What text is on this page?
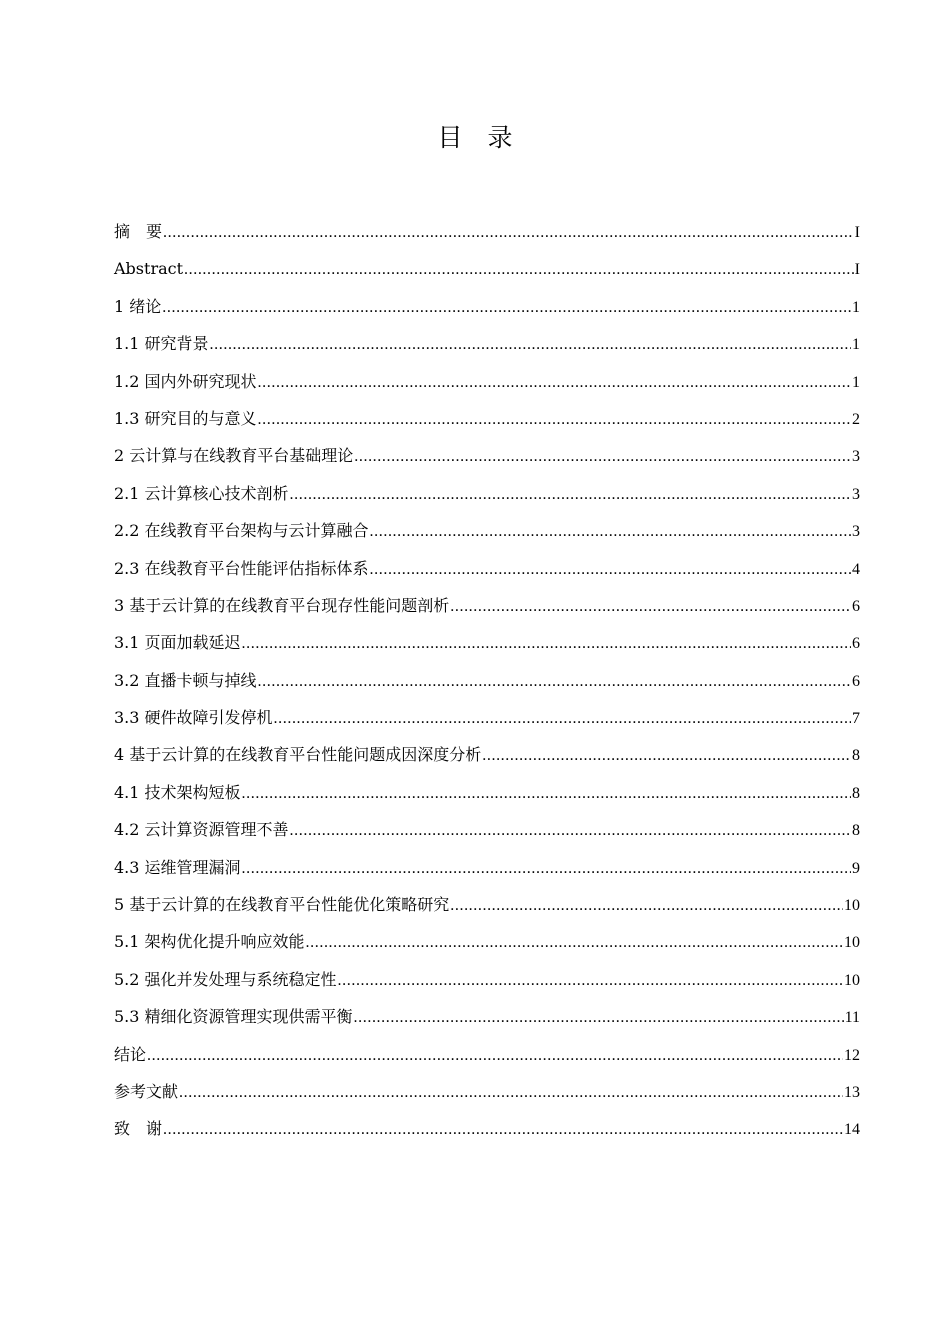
目　录
摘　要 .....	I
Abstract .....	I
1 绪论 .....	1
1.1 研究背景 .....	1
1.2 国内外研究现状 .....	1
1.3 研究目的与意义 .....	2
2 云计算与在线教育平台基础理论 .....	3
2.1 云计算核心技术剖析 .....	3
2.2 在线教育平台架构与云计算融合 .....	3
2.3 在线教育平台性能评估指标体系 .....	4
3 基于云计算的在线教育平台现存性能问题剖析 .....	6
3.1 页面加载延迟 .....	6
3.2 直播卡顿与掉线 .....	6
3.3 硬件故障引发停机 .....	7
4 基于云计算的在线教育平台性能问题成因深度分析 .....	8
4.1 技术架构短板 .....	8
4.2 云计算资源管理不善 .....	8
4.3 运维管理漏洞 .....	9
5 基于云计算的在线教育平台性能优化策略研究 .....	10
5.1 架构优化提升响应效能 .....	10
5.2 强化并发处理与系统稳定性 .....	10
5.3 精细化资源管理实现供需平衡 .....	11
结论 .....	12
参考文献 .....	13
致　谢 .....	14
